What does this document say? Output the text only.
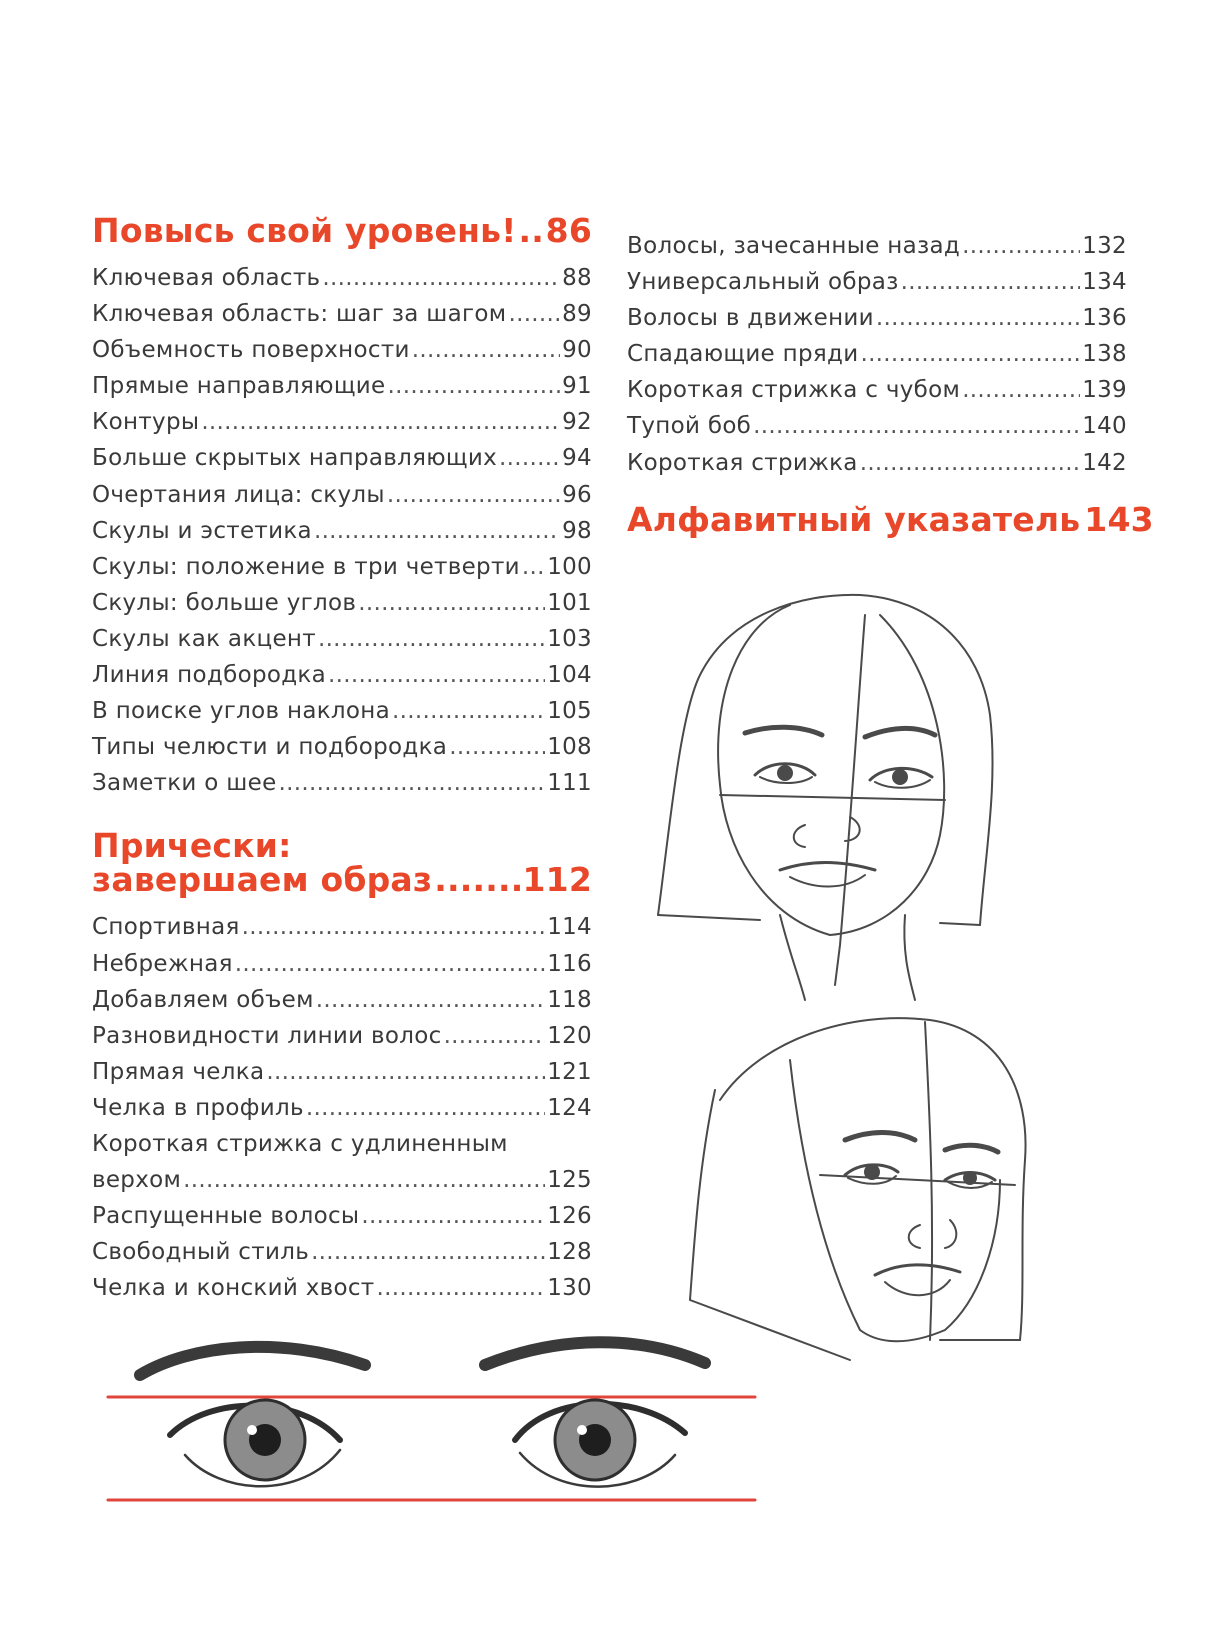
Повысь свой уровень! ..... 86
Ключевая область .....	88
Ключевая область: шаг за шагом ..... 89
Объемность поверхности .....	90
Прямые направляющие .....	91
Контуры .....	92
Больше скрытых направляющих .....	94
Очертания лица: скулы .....	96
Скулы и эстетика .....	98
Скулы: положение в три четверти ..... 100
Скулы: больше углов .....	101
Скулы как акцент .....	103
Линия подбородка .....	104
В поиске углов наклона .....	105
Типы челюсти и подбородка .....	108
Заметки о шее .....	111
Прически:
завершаем образ .....	112
Спортивная .....	114
Небрежная .....	116
Добавляем объем .....	118
Разновидности линии волос .....	120
Прямая челка .....	121
Челка в профиль .....	124
Короткая стрижка с удлиненным
верхом .....	125
Распущенные волосы .....	126
Свободный стиль .....	128
Челка и конский хвост .....	130
Волосы, зачесанные назад .....	132
Универсальный образ .....	134
Волосы в движении .....	136
Спадающие пряди .....	138
Короткая стрижка с чубом .....	139
Тупой боб .....	140
Короткая стрижка .....	142
Алфавитный указатель 143
